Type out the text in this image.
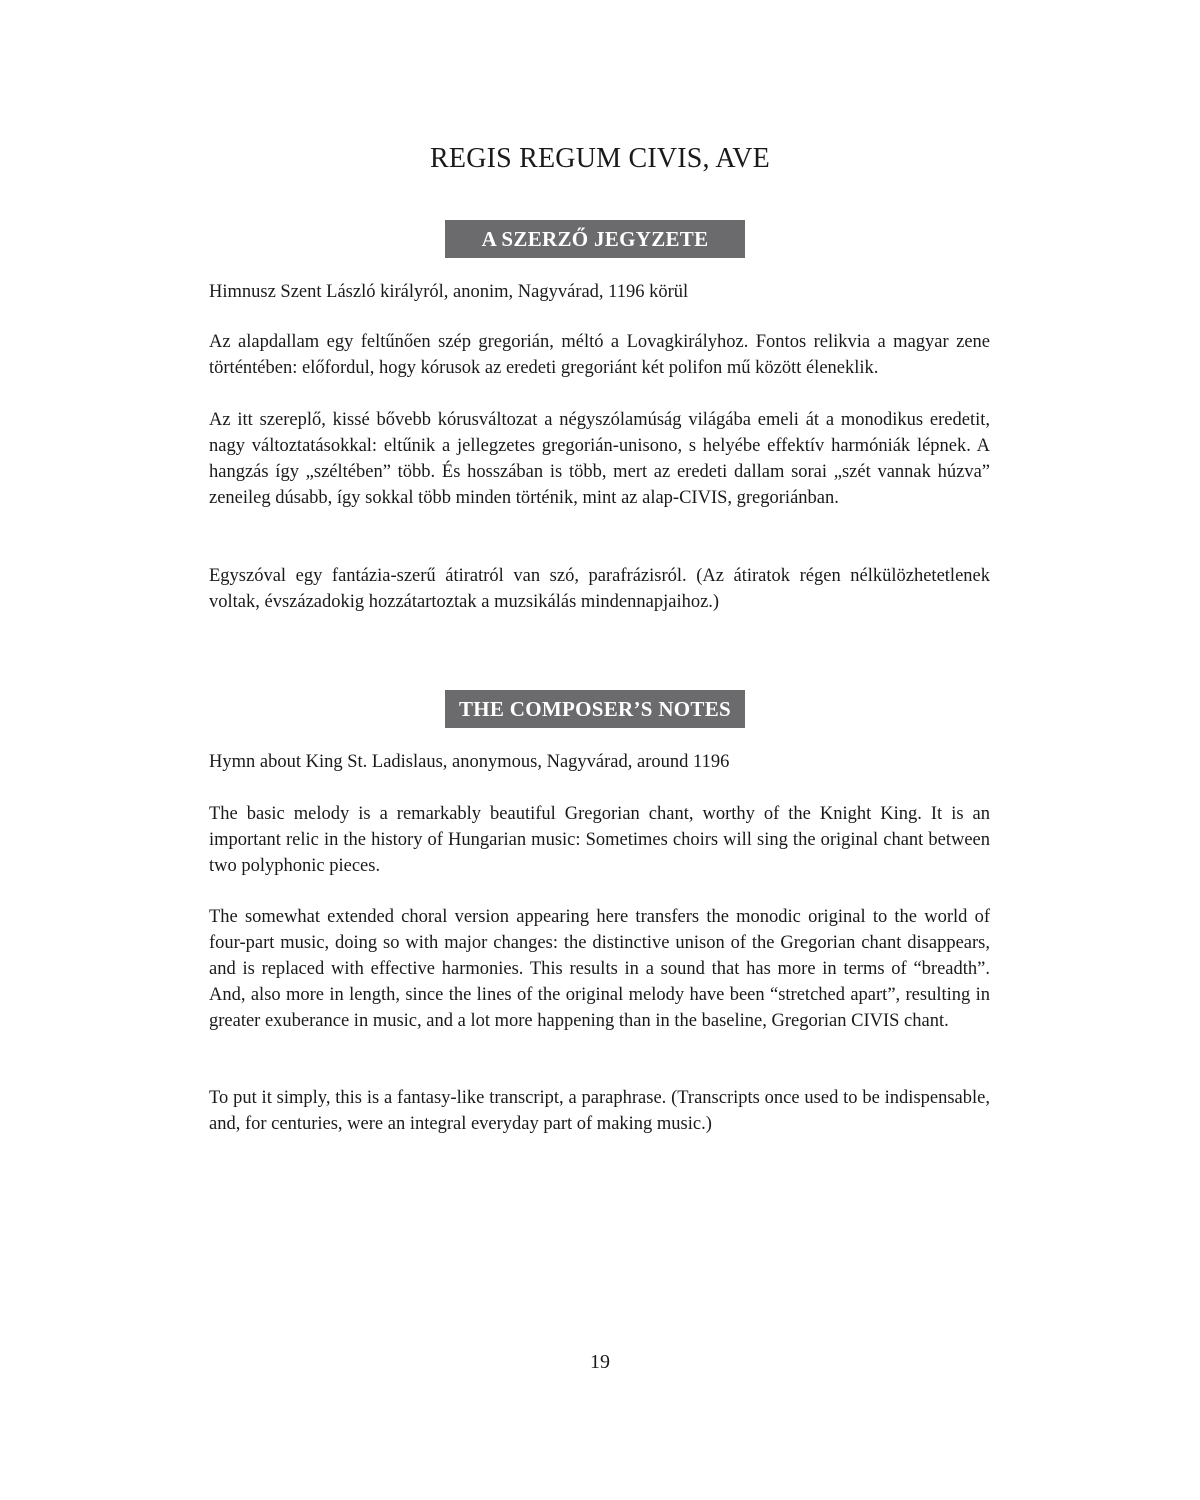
REGIS REGUM CIVIS, AVE
A SZERZŐ JEGYZETE

Himnusz Szent László királyról, anonim, Nagyvárad, 1196 körül

Az alapdallam egy feltűnően szép gregorián, méltó a Lovagkirályhoz. Fontos relikvia a magyar zene történtében: előfordul, hogy kórusok az eredeti gregoriánt két polifon mű között éleneklik.

Az itt szereplő, kissé bővebb kórusváltozat a négyszólamúság világába emeli át a monodikus eredetit, nagy változtatásokkal: eltűnik a jellegzetes gregorián-unisono, s helyébe effektív harmóniák lépnek. A hangzás így „széltében” több. És hosszában is több, mert az eredeti dallam sorai „szét vannak húzva” zeneileg dúsabb, így sokkal több minden történik, mint az alap-CIVIS, gregoriánban.

Egyszóval egy fantázia-szerű átiratról van szó, parafrázisról. (Az átiratok régen nélkülözhetetlenek voltak, évszázadokig hozzátartoztak a muzsikálás mindennapjaihoz.)

THE COMPOSER’S NOTES

Hymn about King St. Ladislaus, anonymous, Nagyvárad, around 1196

The basic melody is a remarkably beautiful Gregorian chant, worthy of the Knight King. It is an important relic in the history of Hungarian music: Sometimes choirs will sing the original chant between two polyphonic pieces.

The somewhat extended choral version appearing here transfers the monodic original to the world of four-part music, doing so with major changes: the distinctive unison of the Gregorian chant disappears, and is replaced with effective harmonies. This results in a sound that has more in terms of “breadth”. And, also more in length, since the lines of the original melody have been “stretched apart”, resulting in greater exuberance in music, and a lot more happening than in the baseline, Gregorian CIVIS chant.

To put it simply, this is a fantasy-like transcript, a paraphrase. (Transcripts once used to be indispensable, and, for centuries, were an integral everyday part of making music.)

19
